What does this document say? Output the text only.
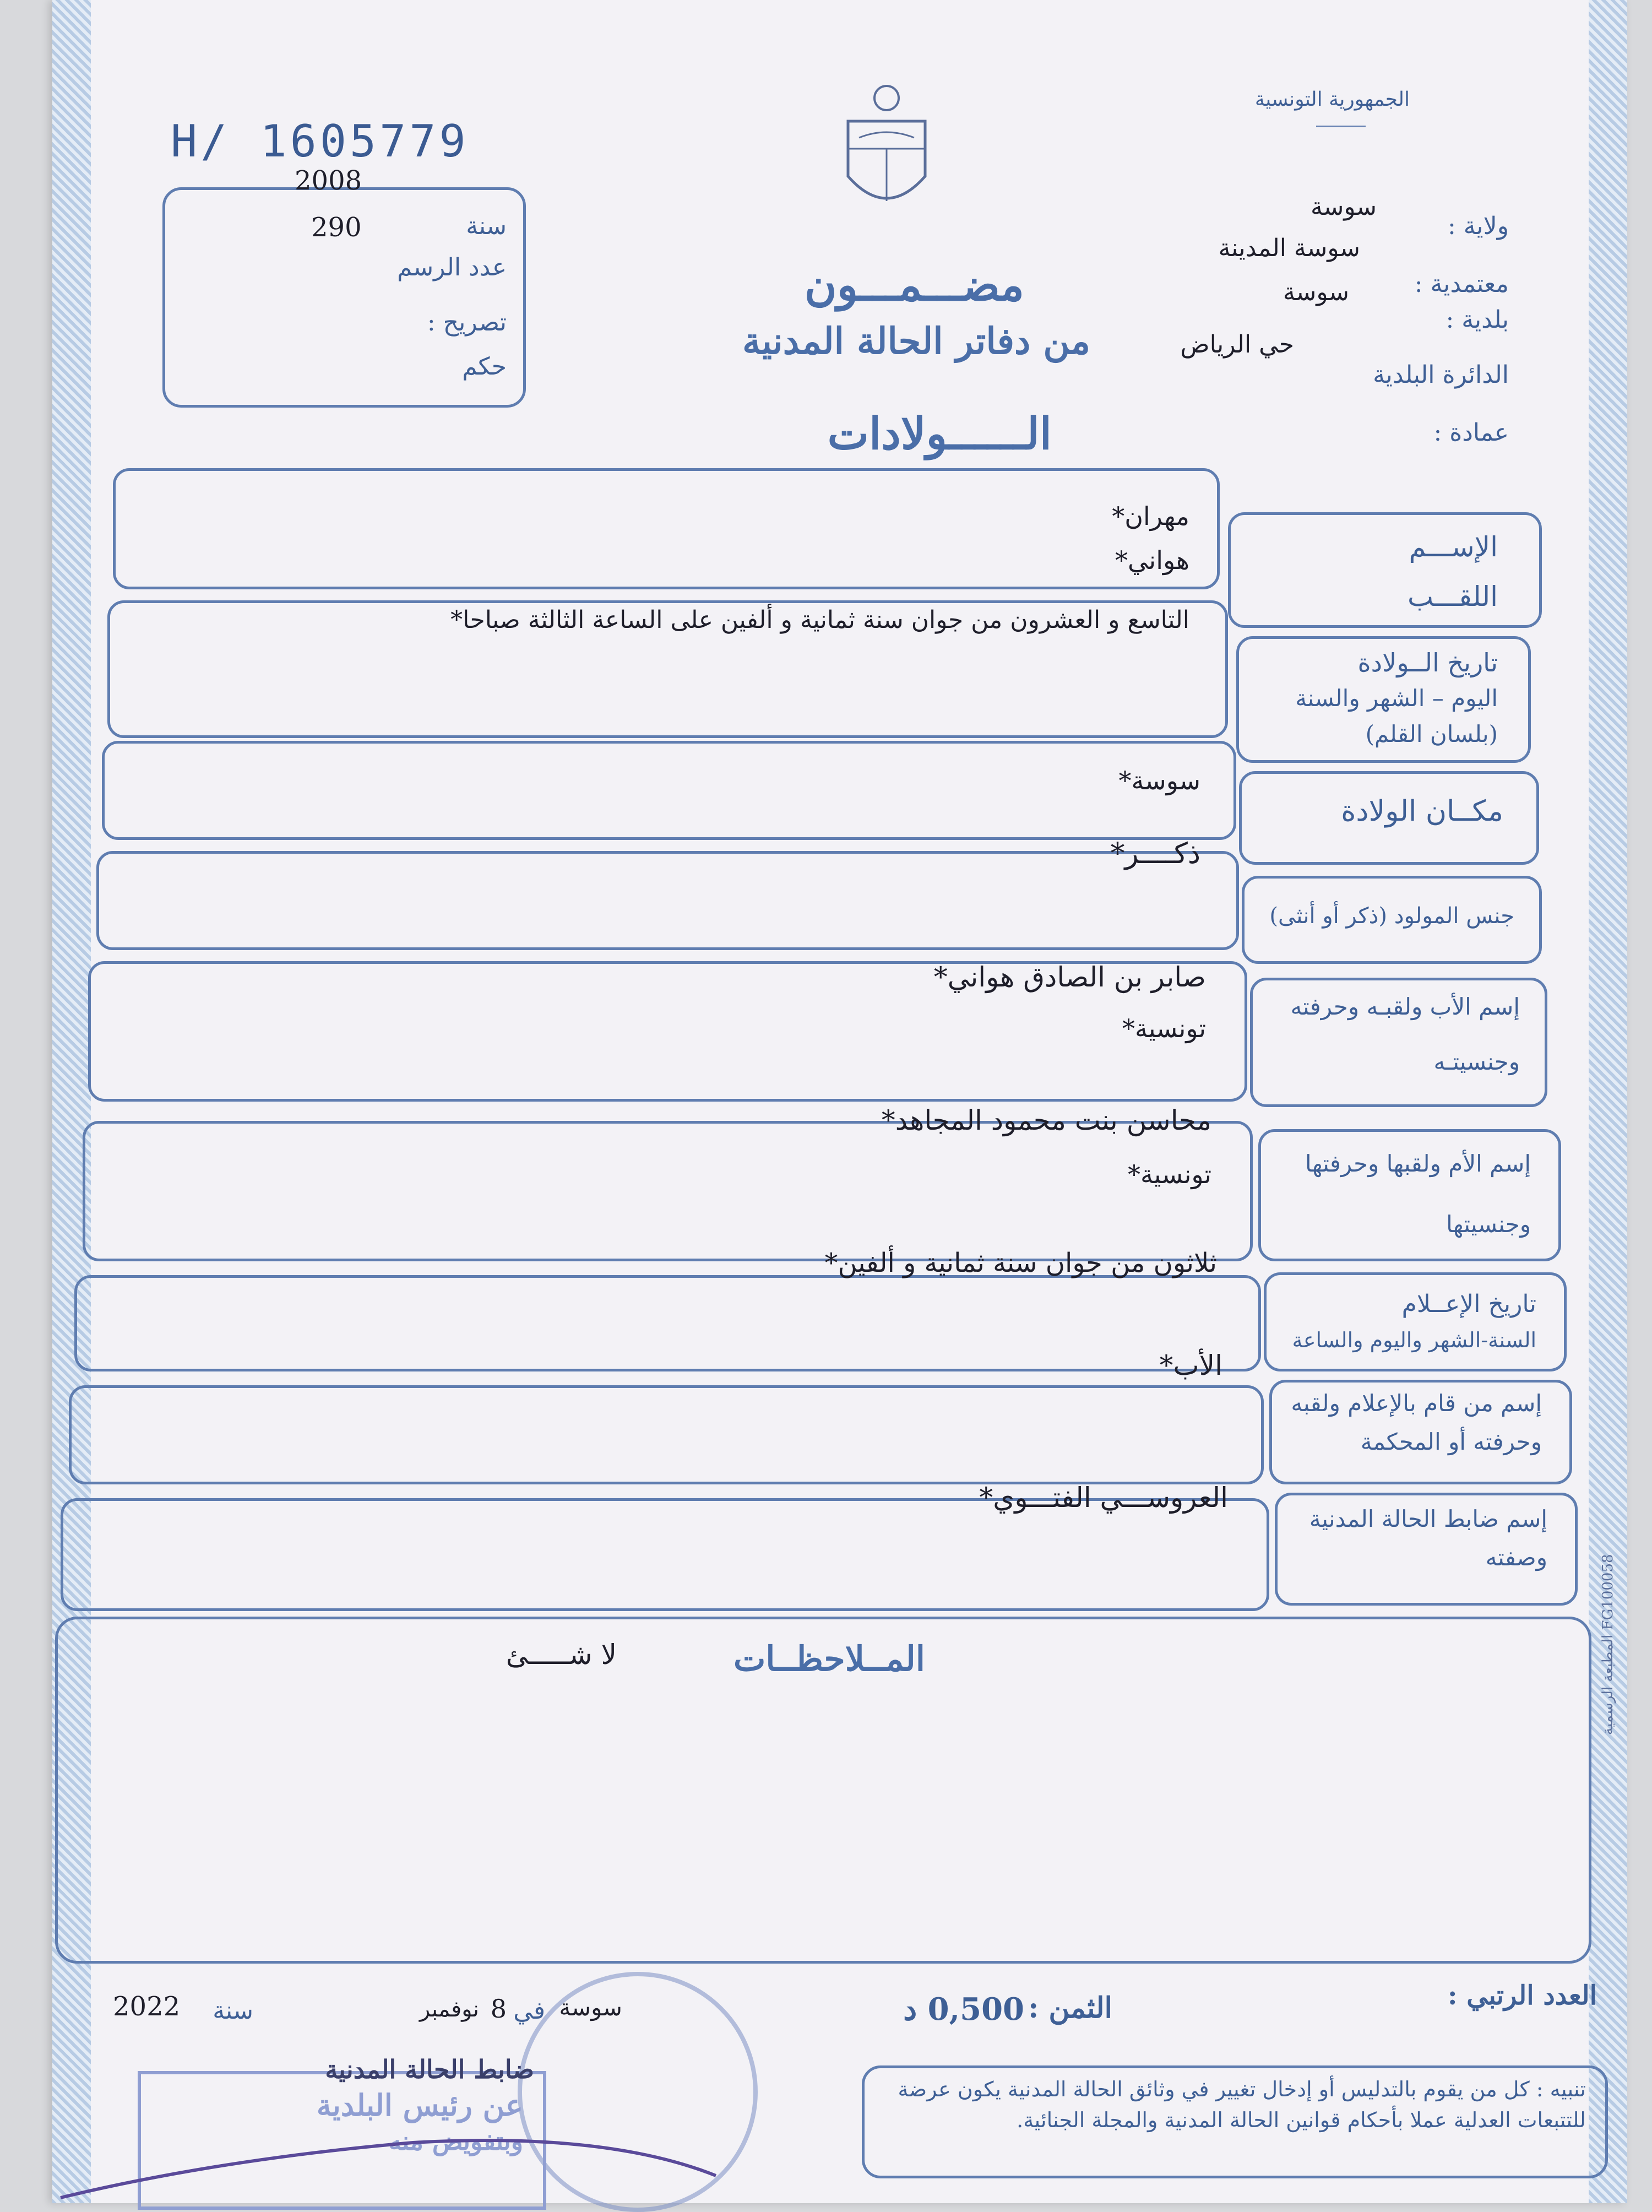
الجمهورية التونسية
H/ 1605779
مضـــمـــون
من دفاتر الحالة المدنية
الــــــولادات
2008
سنة
290
عدد الرسم
تصريح :
حكم
ولاية :
سوسة
معتمدية :
سوسة المدينة
بلدية :
سوسة
الدائرة البلدية
حي الرياض
عمادة :
الإســـم
اللقـــب
مهران*
هواني*
تاريخ الــولادة
اليوم – الشهر والسنة
(بلسان القلم)
التاسع و العشرون من جوان سنة ثمانية و ألفين على الساعة الثالثة صباحا*
مكــان الولادة
سوسة*
جنس المولود (ذكر أو أنثى)
ذكــــر*
إسم الأب ولقبـه وحرفته
وجنسيتـه
صابر بن الصادق هواني*
تونسية*
إسم الأم ولقبها وحرفتها
وجنسيتها
محاسن بنت محمود المجاهد*
تونسية*
تاريخ الإعــلام
السنة-الشهر واليوم والساعة
ثلاثون من جوان سنة ثمانية و ألفين*
إسم من قام بالإعلام ولقبه
وحرفته أو المحكمة
الأب*
إسم ضابط الحالة المدنية
وصفته
العروســـي الفتـــوي*
المــلاحظــات
لا شـــــئ	المطبعة الرسمية FG100058
العدد الرتبي :
الثمن :
0,500 د
سوسة
في
8
نوفمبر
سنة
2022
تنبيه : كل من يقوم بالتدليس أو إدخال تغيير في وثائق الحالة المدنية يكون عرضة للتتبعات العدلية عملا بأحكام قوانين الحالة المدنية والمجلة الجنائية.
ضابط الحالة المدنية
عن رئيس البلدية
وبتفويض منه
